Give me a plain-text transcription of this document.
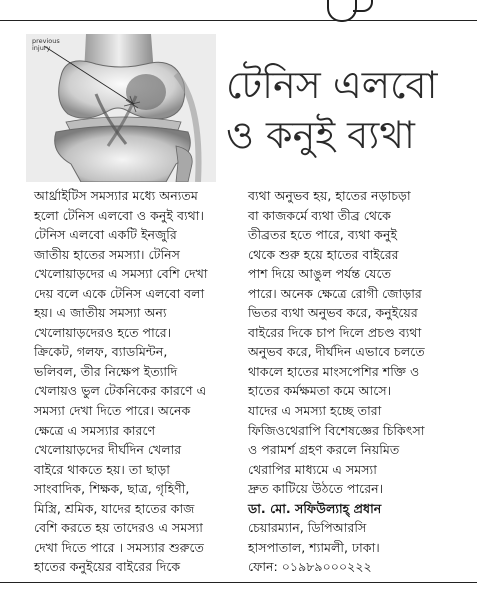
previous
injury
টেনিস এলবো
ও কনুই ব্যথা
আর্থ্রাইটিস সমস্যার মধ্যে অন্যতম
হলো টেনিস এলবো ও কনুই ব্যথা।
টেনিস এলবো একটি ইনজুরি
জাতীয় হাতের সমস্যা। টেনিস
খেলোয়াড়দের এ সমস্যা বেশি দেখা
দেয় বলে একে টেনিস এলবো বলা
হয়। এ জাতীয় সমস্যা অন্য
খেলোয়াড়দেরও হতে পারে।
ক্রিকেট, গলফ, ব্যাডমিন্টন,
ভলিবল, তীর নিক্ষেপ ইত্যাদি
খেলায়ও ভুল টেকনিকের কারণে এ
সমস্যা দেখা দিতে পারে। অনেক
ক্ষেত্রে এ সমস্যার কারণে
খেলোয়াড়দের দীর্ঘদিন খেলার
বাইরে থাকতে হয়। তা ছাড়া
সাংবাদিক, শিক্ষক, ছাত্র, গৃহিণী,
মিস্ত্রি, শ্রমিক, যাদের হাতের কাজ
বেশি করতে হয় তাদেরও এ সমস্যা
দেখা দিতে পারে । সমস্যার শুরুতে
হাতের কনুইয়ের বাইরের দিকে
ব্যথা অনুভব হয়, হাতের নড়াচড়া
বা কাজকর্মে ব্যথা তীব্র থেকে
তীব্রতর হতে পারে, ব্যথা কনুই
থেকে শুরু হয়ে হাতের বাইরের
পাশ দিয়ে আঙুল পর্যন্ত যেতে
পারে। অনেক ক্ষেত্রে রোগী জোড়ার
ভিতর ব্যথা অনুভব করে, কনুইয়ের
বাইরের দিকে চাপ দিলে প্রচণ্ড ব্যথা
অনুভব করে, দীর্ঘদিন এভাবে চলতে
থাকলে হাতের মাংসপেশির শক্তি ও
হাতের কর্মক্ষমতা কমে আসে।
যাদের এ সমস্যা হচ্ছে তারা
ফিজিওথেরাপি বিশেষজ্ঞের চিকিৎসা
ও পরামর্শ গ্রহণ করলে নিয়মিত
থেরাপির মাধ্যমে এ সমস্যা
দ্রুত কাটিয়ে উঠতে পারেন।
ডা. মো. সফিউল্যাহ্ প্রধান
চেয়ারম্যান, ডিপিআরসি
হাসপাতাল, শ্যামলী, ঢাকা।
ফোন: ০১৯৮৯০০০২২২
